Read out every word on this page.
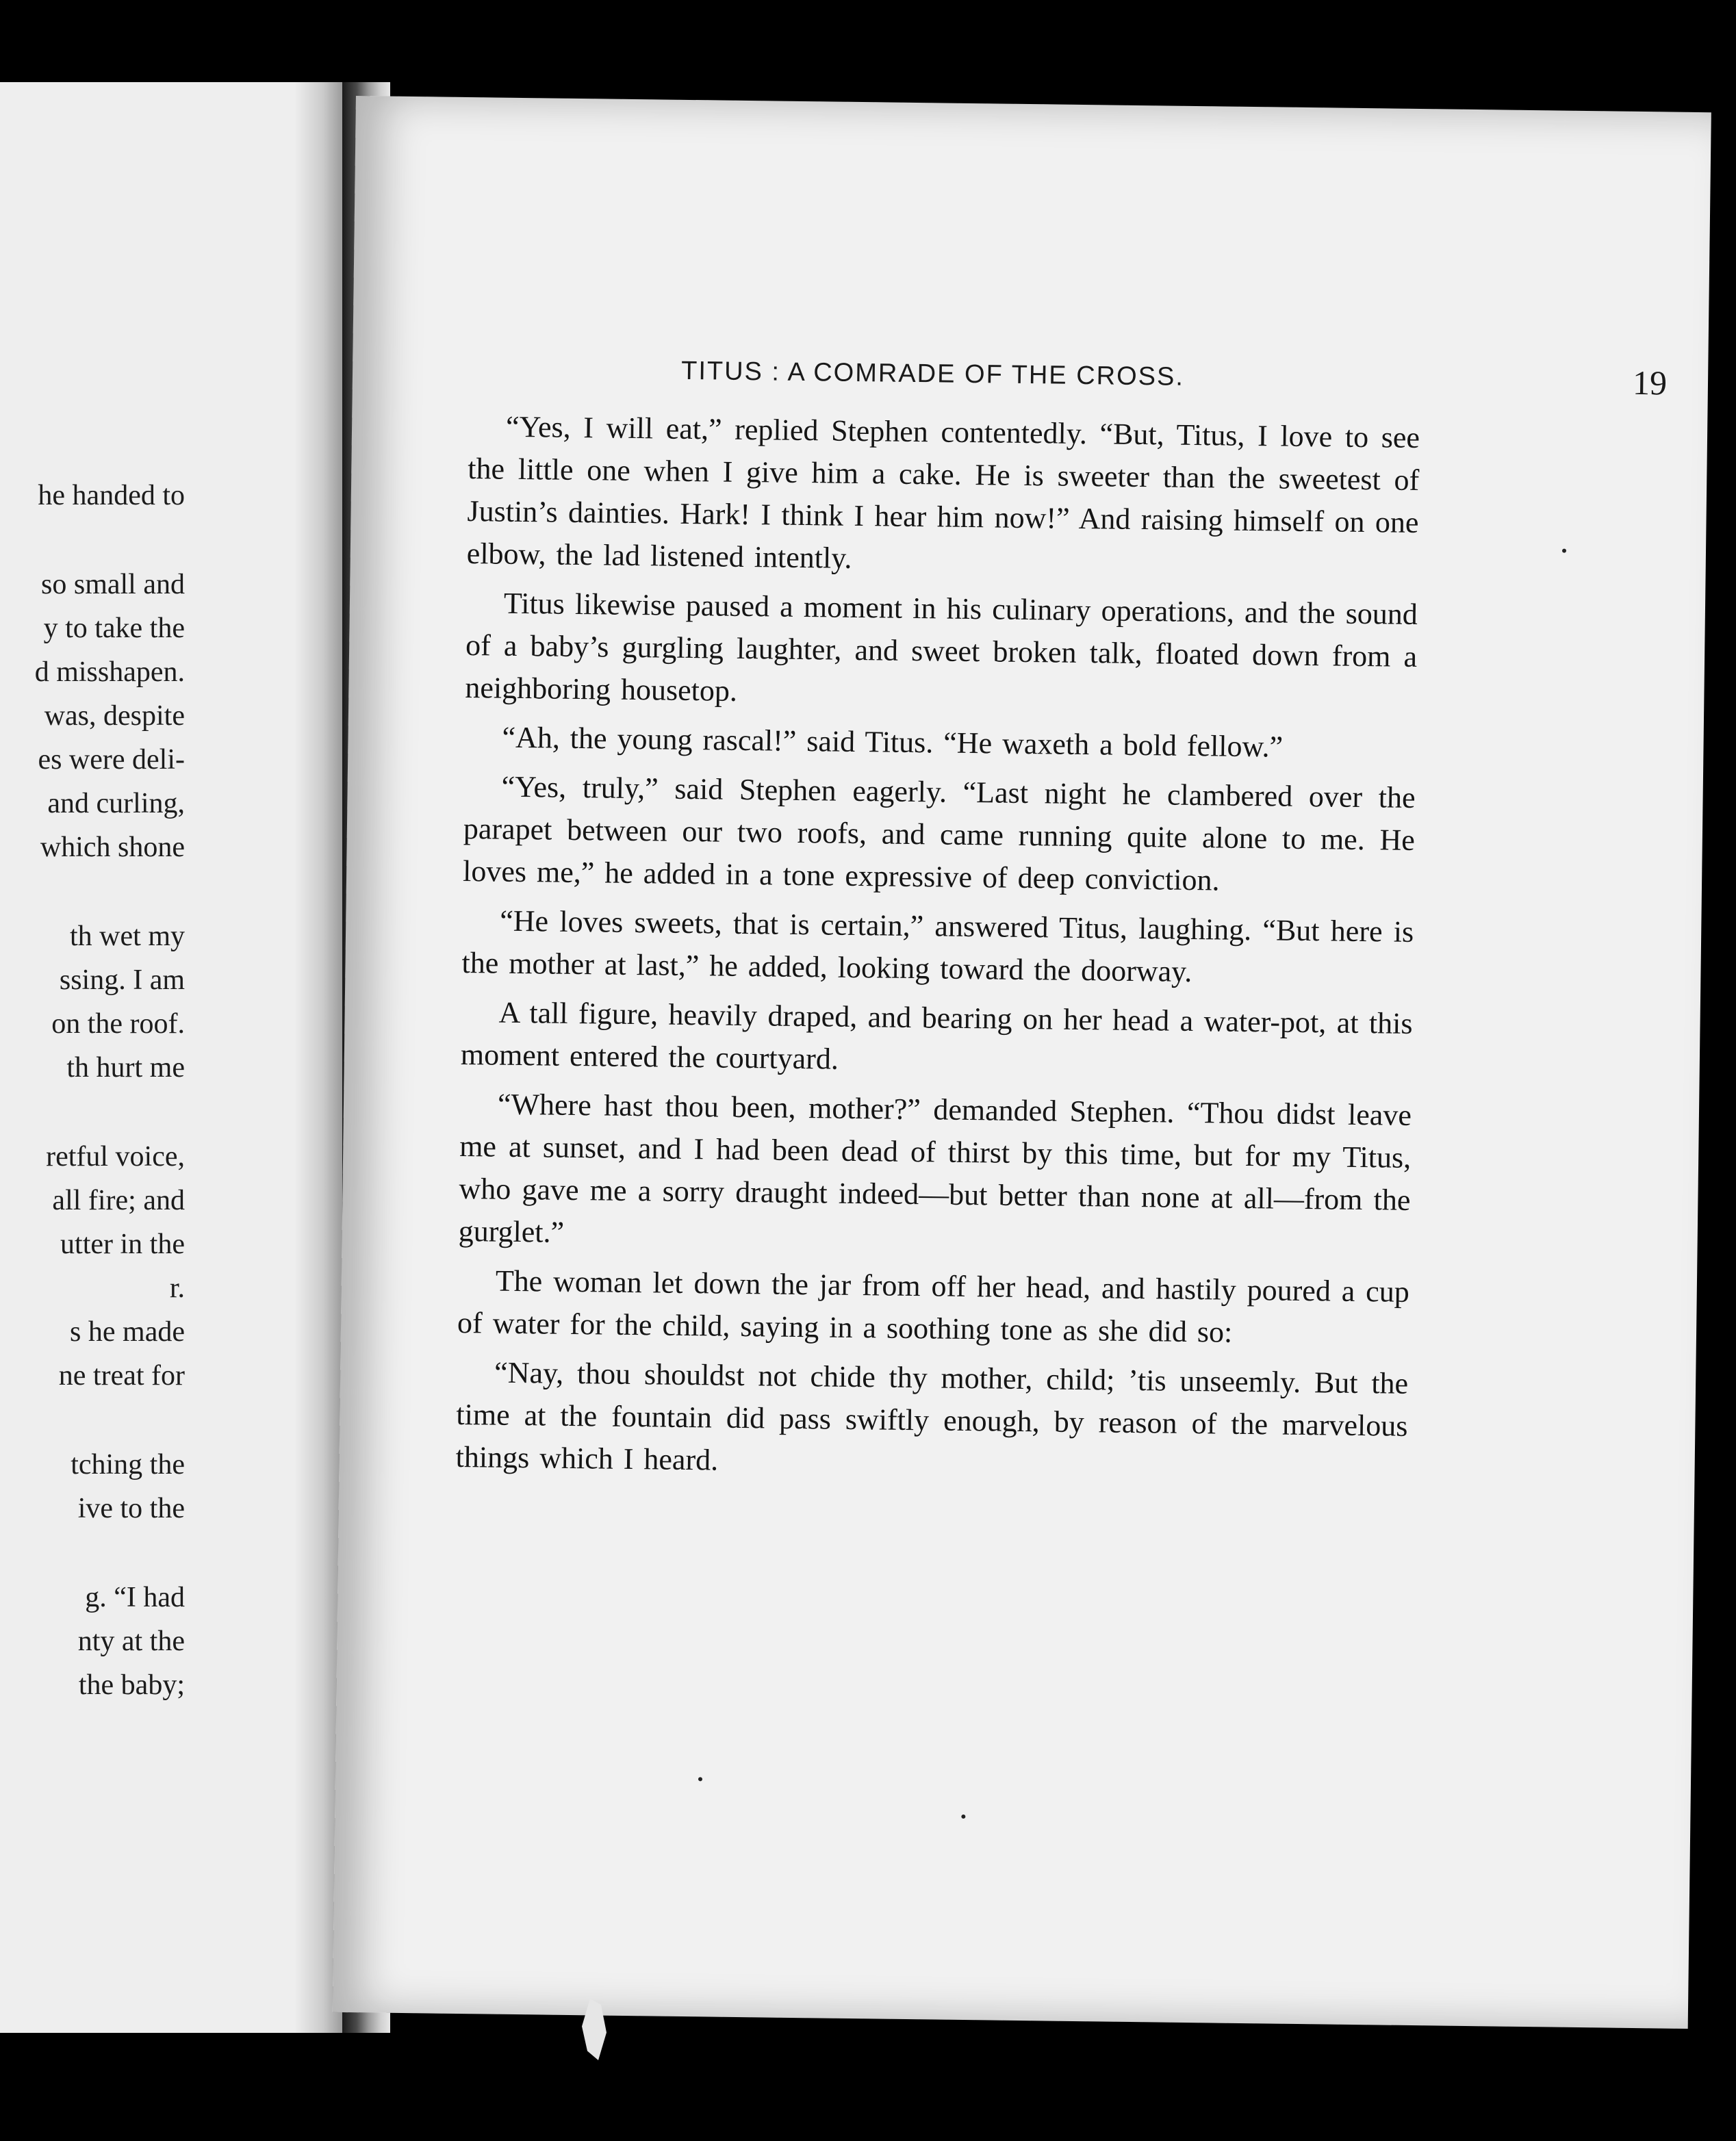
he handed to
so small and
y to take the
d misshapen.
was, despite
es were deli-
and curling,
which shone
th wet my
ssing. I am
on the roof.
th hurt me
retful voice,
all fire; and
utter in the
r.
s he made
ne treat for
tching the
ive to the
g. “I had
nty at the
the baby;
TITUS : A COMRADE OF THE CROSS.	19

“Yes, I will eat,” replied Stephen contentedly. “But, Titus, I love to see the little one when I give him a cake. He is sweeter than the sweetest of Justin’s dainties. Hark! I think I hear him now!” And raising himself on one elbow, the lad listened intently.

Titus likewise paused a moment in his culinary operations, and the sound of a baby’s gurgling laughter, and sweet broken talk, floated down from a neighboring housetop.

“Ah, the young rascal!” said Titus. “He waxeth a bold fellow.”

“Yes, truly,” said Stephen eagerly. “Last night he clambered over the parapet between our two roofs, and came running quite alone to me. He loves me,” he added in a tone expressive of deep conviction.

“He loves sweets, that is certain,” answered Titus, laughing. “But here is the mother at last,” he added, looking toward the doorway.

A tall figure, heavily draped, and bearing on her head a water-pot, at this moment entered the courtyard.

“Where hast thou been, mother?” demanded Stephen. “Thou didst leave me at sunset, and I had been dead of thirst by this time, but for my Titus, who gave me a sorry draught indeed—but better than none at all—from the gurglet.”

The woman let down the jar from off her head, and hastily poured a cup of water for the child, saying in a soothing tone as she did so:

“Nay, thou shouldst not chide thy mother, child; ’tis unseemly. But the time at the fountain did pass swiftly enough, by reason of the marvelous things which I heard.
